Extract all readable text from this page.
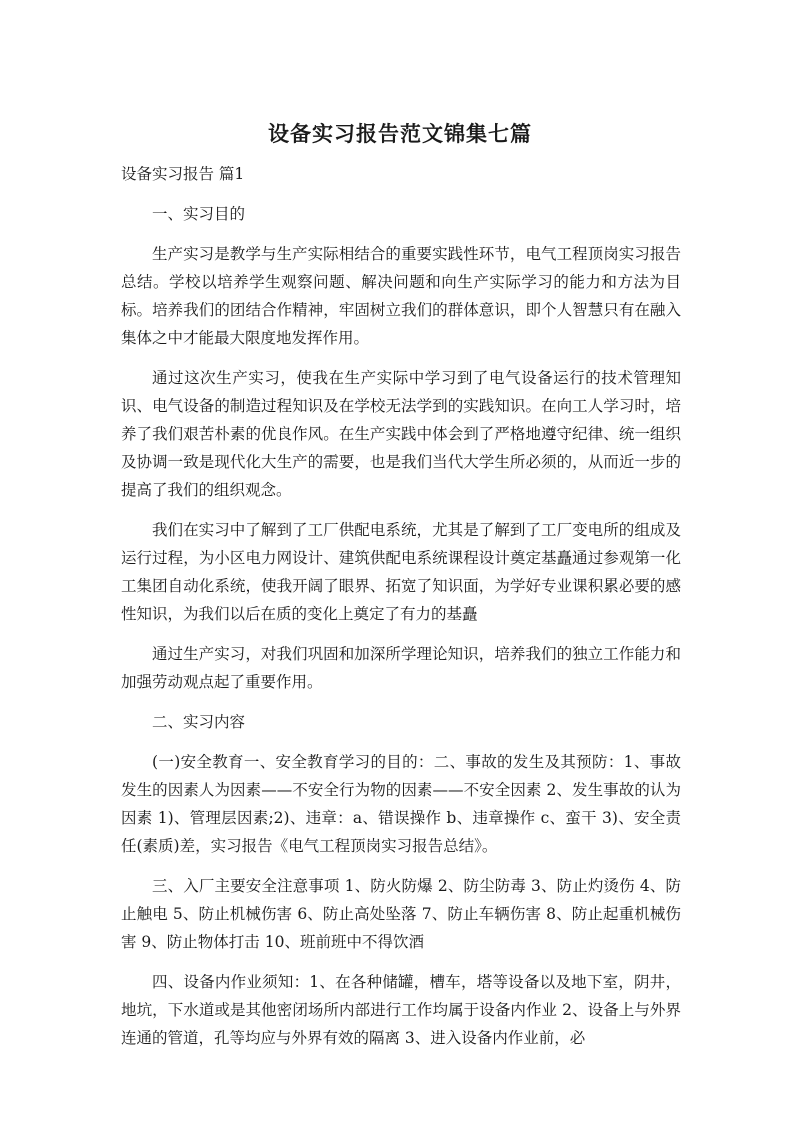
设备实习报告范文锦集七篇

设备实习报告 篇1

一、实习目的

生产实习是教学与生产实际相结合的重要实践性环节，电气工程顶岗实习报告总结。学校以培养学生观察问题、解决问题和向生产实际学习的能力和方法为目标。培养我们的团结合作精神，牢固树立我们的群体意识，即个人智慧只有在融入集体之中才能最大限度地发挥作用。

通过这次生产实习，使我在生产实际中学习到了电气设备运行的技术管理知识、电气设备的制造过程知识及在学校无法学到的实践知识。在向工人学习时，培养了我们艰苦朴素的优良作风。在生产实践中体会到了严格地遵守纪律、统一组织及协调一致是现代化大生产的需要，也是我们当代大学生所必须的，从而近一步的提高了我们的组织观念。

我们在实习中了解到了工厂供配电系统，尤其是了解到了工厂变电所的组成及运行过程，为小区电力网设计、建筑供配电系统课程设计奠定基矗通过参观第一化工集团自动化系统，使我开阔了眼界、拓宽了知识面，为学好专业课积累必要的感性知识，为我们以后在质的变化上奠定了有力的基矗

通过生产实习，对我们巩固和加深所学理论知识，培养我们的独立工作能力和加强劳动观点起了重要作用。

二、实习内容

(一)安全教育一、安全教育学习的目的：二、事故的发生及其预防：1、事故发生的因素人为因素——不安全行为物的因素——不安全因素 2、发生事故的认为因素 1)、管理层因素;2)、违章：a、错误操作 b、违章操作 c、蛮干 3)、安全责任(素质)差，实习报告《电气工程顶岗实习报告总结》。

三、入厂主要安全注意事项 1、防火防爆 2、防尘防毒 3、防止灼烫伤 4、防止触电 5、防止机械伤害 6、防止高处坠落 7、防止车辆伤害 8、防止起重机械伤害 9、防止物体打击 10、班前班中不得饮酒

四、设备内作业须知：1、在各种储罐，槽车，塔等设备以及地下室，阴井，地坑，下水道或是其他密闭场所内部进行工作均属于设备内作业 2、设备上与外界连通的管道，孔等均应与外界有效的隔离 3、进入设备内作业前，必
